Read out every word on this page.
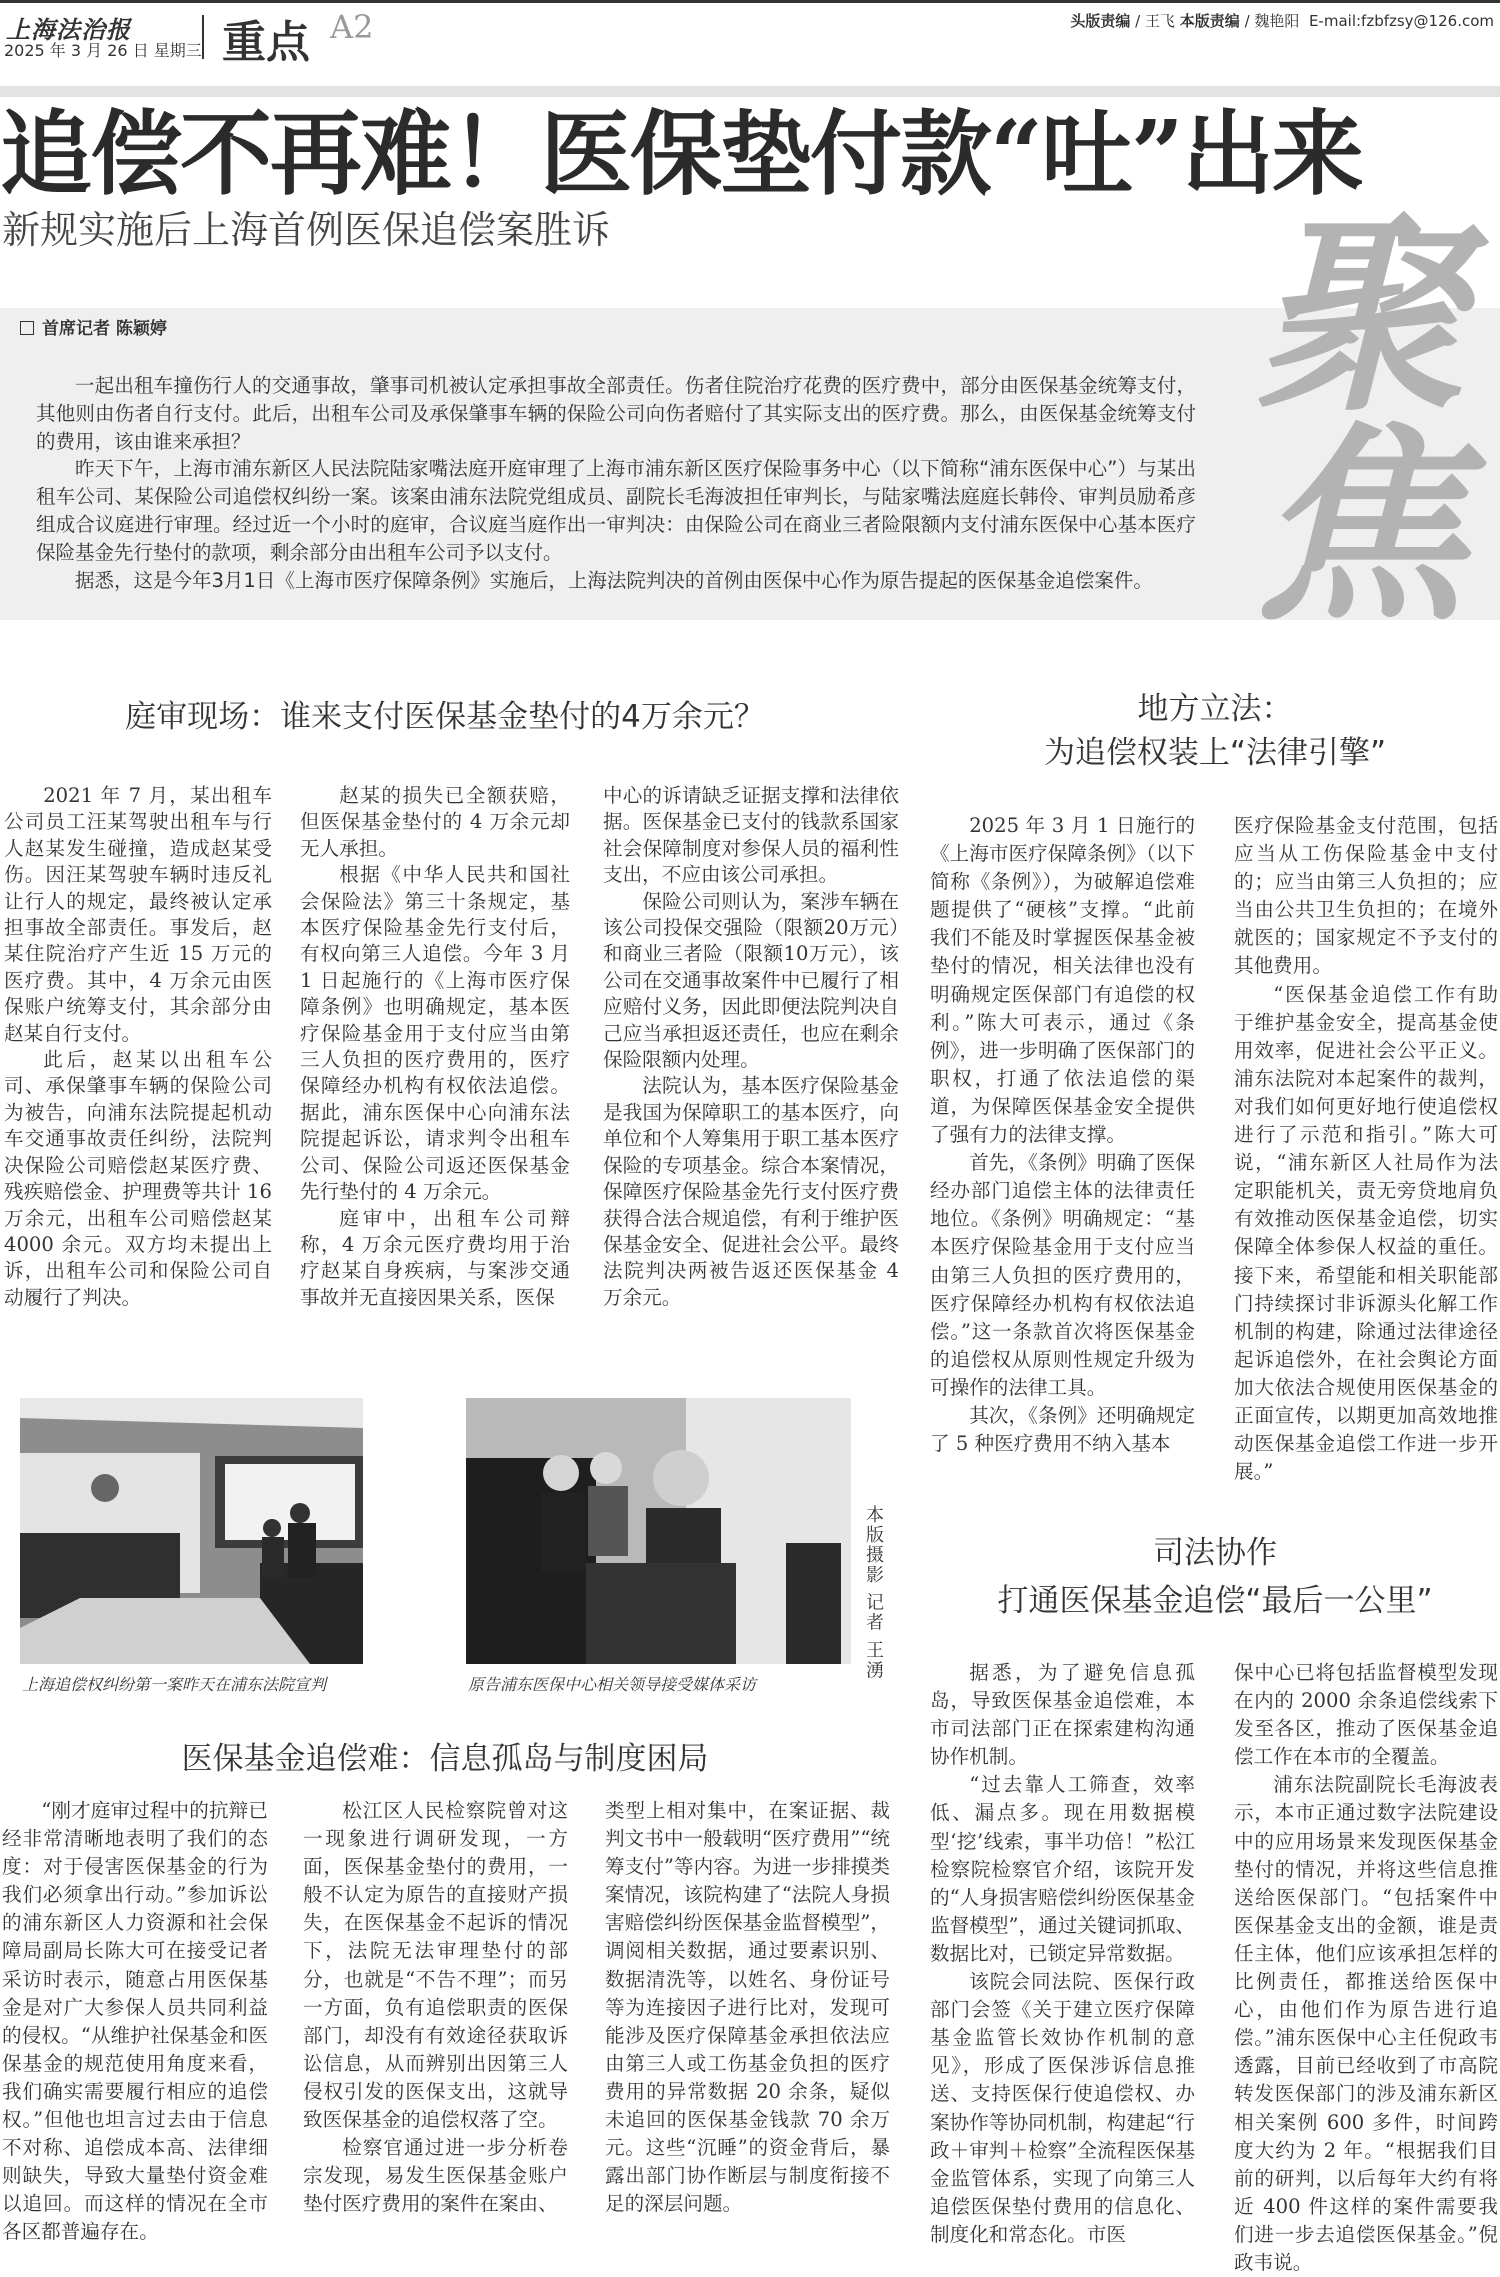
上海法治报
2025 年 3 月 26 日 星期三 重点 A2	头版责编 / 王飞 本版责编 / 魏艳阳 E-mail:fzbfzsy@126.com
追偿不再难！医保垫付款“吐”出来
新规实施后上海首例医保追偿案胜诉	聚焦
首席记者 陈颖婷

一起出租车撞伤行人的交通事故，肇事司机被认定承担事故全部责任。伤者住院治疗花费的医疗费中，部分由医保基金统筹支付，其他则由伤者自行支付。此后，出租车公司及承保肇事车辆的保险公司向伤者赔付了其实际支出的医疗费。那么，由医保基金统筹支付的费用，该由谁来承担？

昨天下午，上海市浦东新区人民法院陆家嘴法庭开庭审理了上海市浦东新区医疗保险事务中心（以下简称“浦东医保中心”）与某出租车公司、某保险公司追偿权纠纷一案。该案由浦东法院党组成员、副院长毛海波担任审判长，与陆家嘴法庭庭长韩伶、审判员励希彦组成合议庭进行审理。经过近一个小时的庭审，合议庭当庭作出一审判决：由保险公司在商业三者险限额内支付浦东医保中心基本医疗保险基金先行垫付的款项，剩余部分由出租车公司予以支付。

据悉，这是今年3月1日《上海市医疗保障条例》实施后，上海法院判决的首例由医保中心作为原告提起的医保基金追偿案件。

庭审现场：谁来支付医保基金垫付的4万余元？

2021 年 7 月，某出租车公司员工汪某驾驶出租车与行人赵某发生碰撞，造成赵某受伤。因汪某驾驶车辆时违反礼让行人的规定，最终被认定承担事故全部责任。事发后，赵某住院治疗产生近 15 万元的医疗费。其中，4 万余元由医保账户统筹支付，其余部分由赵某自行支付。

此后，赵某以出租车公司、承保肇事车辆的保险公司为被告，向浦东法院提起机动车交通事故责任纠纷，法院判决保险公司赔偿赵某医疗费、残疾赔偿金、护理费等共计 16 万余元，出租车公司赔偿赵某 4000 余元。双方均未提出上诉，出租车公司和保险公司自动履行了判决。

赵某的损失已全额获赔，但医保基金垫付的 4 万余元却无人承担。

根据《中华人民共和国社会保险法》第三十条规定，基本医疗保险基金先行支付后，有权向第三人追偿。今年 3 月 1 日起施行的《上海市医疗保障条例》也明确规定，基本医疗保险基金用于支付应当由第三人负担的医疗费用的，医疗保障经办机构有权依法追偿。据此，浦东医保中心向浦东法院提起诉讼，请求判令出租车公司、保险公司返还医保基金先行垫付的 4 万余元。

庭审中，出租车公司辩称，4 万余元医疗费均用于治疗赵某自身疾病，与案涉交通事故并无直接因果关系，医保

中心的诉请缺乏证据支撑和法律依据。医保基金已支付的钱款系国家社会保障制度对参保人员的福利性支出，不应由该公司承担。

保险公司则认为，案涉车辆在该公司投保交强险（限额20万元）和商业三者险（限额10万元），该公司在交通事故案件中已履行了相应赔付义务，因此即便法院判决自己应当承担返还责任，也应在剩余保险限额内处理。

法院认为，基本医疗保险基金是我国为保障职工的基本医疗，向单位和个人筹集用于职工基本医疗保险的专项基金。综合本案情况，保障医疗保险基金先行支付医疗费获得合法合规追偿，有利于维护医保基金安全、促进社会公平。最终法院判决两被告返还医保基金 4 万余元。

地方立法：
为追偿权装上“法律引擎”

2025 年 3 月 1 日施行的《上海市医疗保障条例》（以下简称《条例》），为破解追偿难题提供了“硬核”支撑。“此前我们不能及时掌握医保基金被垫付的情况，相关法律也没有明确规定医保部门有追偿的权利。”陈大可表示，通过《条例》，进一步明确了医保部门的职权，打通了依法追偿的渠道，为保障医保基金安全提供了强有力的法律支撑。

首先，《条例》明确了医保经办部门追偿主体的法律责任地位。《条例》明确规定：“基本医疗保险基金用于支付应当由第三人负担的医疗费用的，医疗保障经办机构有权依法追偿。”这一条款首次将医保基金的追偿权从原则性规定升级为可操作的法律工具。

其次，《条例》还明确规定了 5 种医疗费用不纳入基本

医疗保险基金支付范围，包括应当从工伤保险基金中支付的；应当由第三人负担的；应当由公共卫生负担的；在境外就医的；国家规定不予支付的其他费用。

“医保基金追偿工作有助于维护基金安全，提高基金使用效率，促进社会公平正义。浦东法院对本起案件的裁判，对我们如何更好地行使追偿权进行了示范和指引。”陈大可说，“浦东新区人社局作为法定职能机关，责无旁贷地肩负有效推动医保基金追偿，切实保障全体参保人权益的重任。接下来，希望能和相关职能部门持续探讨非诉源头化解工作机制的构建，除通过法律途径起诉追偿外，在社会舆论方面加大依法合规使用医保基金的正面宣传，以期更加高效地推动医保基金追偿工作进一步开展。”

上海追偿权纠纷第一案昨天在浦东法院宣判	原告浦东医保中心相关领导接受媒体采访
本版摄影 记者 王湧	司法协作
打通医保基金追偿“最后一公里”

据悉，为了避免信息孤岛，导致医保基金追偿难，本市司法部门正在探索建构沟通协作机制。

“过去靠人工筛查，效率低、漏点多。现在用数据模型‘挖’线索，事半功倍！”松江检察院检察官介绍，该院开发的“人身损害赔偿纠纷医保基金监督模型”，通过关键词抓取、数据比对，已锁定异常数据。

该院会同法院、医保行政部门会签《关于建立医疗保障基金监管长效协作机制的意见》，形成了医保涉诉信息推送、支持医保行使追偿权、办案协作等协同机制，构建起“行政＋审判＋检察”全流程医保基金监管体系，实现了向第三人追偿医保垫付费用的信息化、制度化和常态化。市医

保中心已将包括监督模型发现在内的 2000 余条追偿线索下发至各区，推动了医保基金追偿工作在本市的全覆盖。

浦东法院副院长毛海波表示，本市正通过数字法院建设中的应用场景来发现医保基金垫付的情况，并将这些信息推送给医保部门。“包括案件中医保基金支出的金额，谁是责任主体，他们应该承担怎样的比例责任，都推送给医保中心，由他们作为原告进行追偿。”浦东医保中心主任倪政韦透露，目前已经收到了市高院转发医保部门的涉及浦东新区相关案例 600 多件，时间跨度大约为 2 年。“根据我们目前的研判，以后每年大约有将近 400 件这样的案件需要我们进一步去追偿医保基金。”倪政韦说。

医保基金追偿难：信息孤岛与制度困局

“刚才庭审过程中的抗辩已经非常清晰地表明了我们的态度：对于侵害医保基金的行为我们必须拿出行动。”参加诉讼的浦东新区人力资源和社会保障局副局长陈大可在接受记者采访时表示，随意占用医保基金是对广大参保人员共同利益的侵权。“从维护社保基金和医保基金的规范使用角度来看，我们确实需要履行相应的追偿权。”但他也坦言过去由于信息不对称、追偿成本高、法律细则缺失，导致大量垫付资金难以追回。而这样的情况在全市各区都普遍存在。

松江区人民检察院曾对这一现象进行调研发现，一方面，医保基金垫付的费用，一般不认定为原告的直接财产损失，在医保基金不起诉的情况下，法院无法审理垫付的部分，也就是“不告不理”；而另一方面，负有追偿职责的医保部门，却没有有效途径获取诉讼信息，从而辨别出因第三人侵权引发的医保支出，这就导致医保基金的追偿权落了空。

检察官通过进一步分析卷宗发现，易发生医保基金账户垫付医疗费用的案件在案由、

类型上相对集中，在案证据、裁判文书中一般载明“医疗费用”“统筹支付”等内容。为进一步排摸类案情况，该院构建了“法院人身损害赔偿纠纷医保基金监督模型”，调阅相关数据，通过要素识别、数据清洗等，以姓名、身份证号等为连接因子进行比对，发现可能涉及医疗保障基金承担依法应由第三人或工伤基金负担的医疗费用的异常数据 20 余条，疑似未追回的医保基金钱款 70 余万元。这些“沉睡”的资金背后，暴露出部门协作断层与制度衔接不足的深层问题。
